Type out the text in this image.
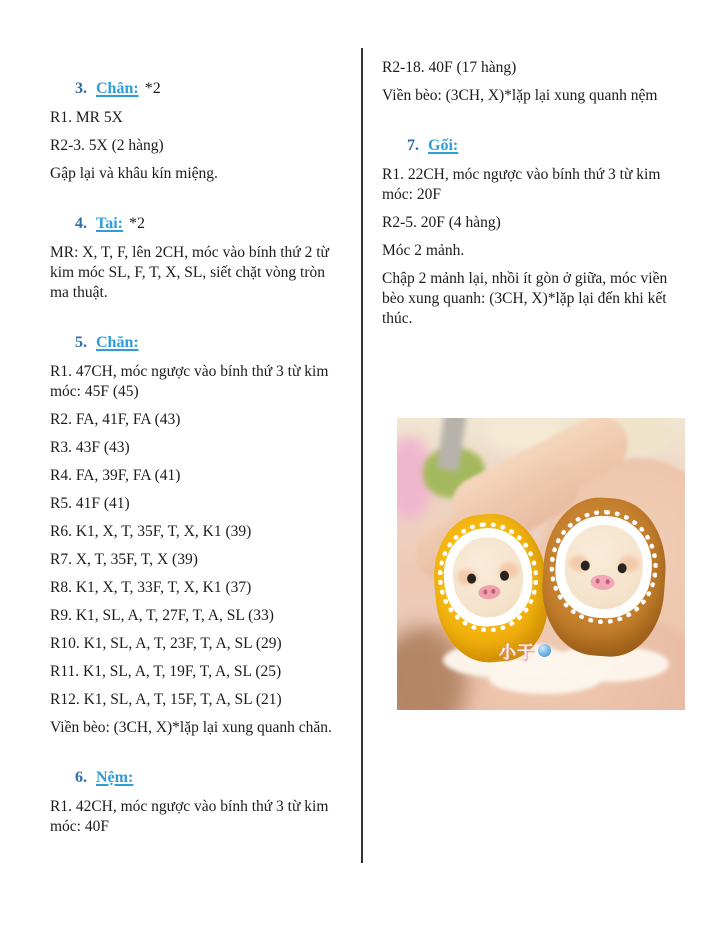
3. Chân: *2
R1. MR 5X
R2-3. 5X (2 hàng)
Gập lại và khâu kín miệng.
4. Tai: *2
MR: X, T, F, lên 2CH, móc vào bính thứ 2 từ kim móc SL, F, T, X, SL, siết chặt vòng tròn ma thuật.
5. Chăn:
R1. 47CH, móc ngược vào bính thứ 3 từ kim móc: 45F (45)
R2. FA, 41F, FA (43)
R3. 43F (43)
R4. FA, 39F, FA (41)
R5. 41F (41)
R6. K1, X, T, 35F, T, X, K1 (39)
R7. X, T, 35F, T, X (39)
R8. K1, X, T, 33F, T, X, K1 (37)
R9. K1, SL, A, T, 27F, T, A, SL (33)
R10. K1, SL, A, T, 23F, T, A, SL (29)
R11. K1, SL, A, T, 19F, T, A, SL (25)
R12. K1, SL, A, T, 15F, T, A, SL (21)
Viền bèo: (3CH, X)*lặp lại xung quanh chăn.
6. Nệm:
R1. 42CH, móc ngược vào bính thứ 3 từ kim móc: 40F
R2-18. 40F (17 hàng)
Viền bèo: (3CH, X)*lặp lại xung quanh nệm
7. Gối:
R1. 22CH, móc ngược vào bính thứ 3 từ kim móc: 20F
R2-5. 20F (4 hàng)
Móc 2 mảnh.
Chập 2 mảnh lại, nhồi ít gòn ở giữa, móc viền bèo xung quanh: (3CH, X)*lặp lại đến khi kết thúc.
小于
